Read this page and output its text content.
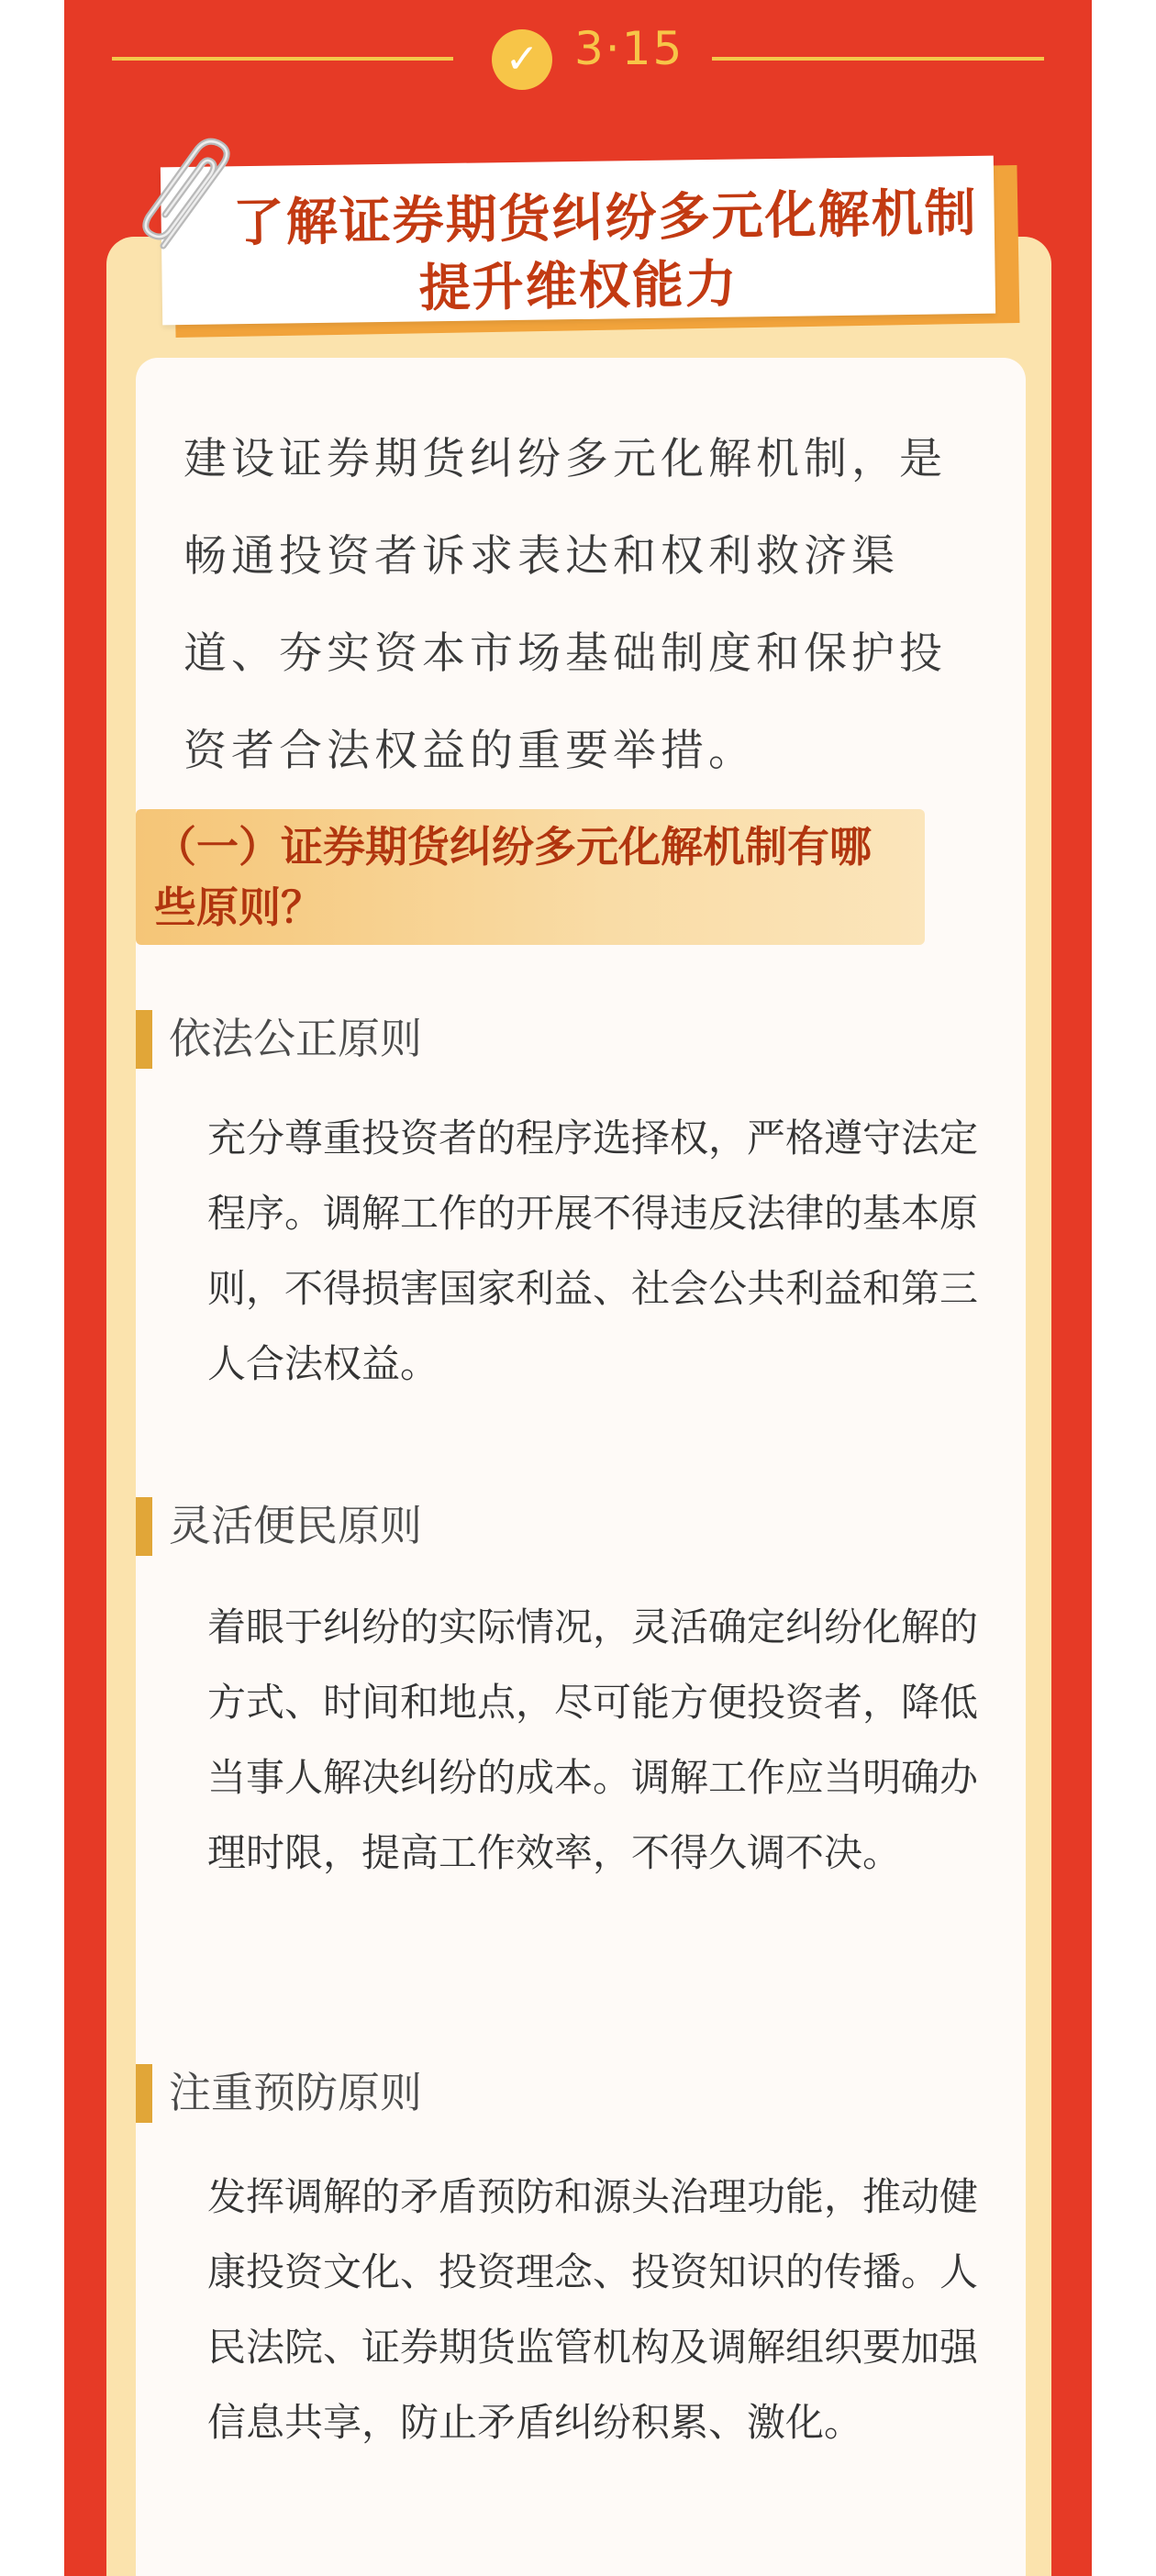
✓ 3·15
了解证券期货纠纷多元化解机制
提升维权能力
建设证券期货纠纷多元化解机制，是畅通投资者诉求表达和权利救济渠道、夯实资本市场基础制度和保护投资者合法权益的重要举措。
（一）证券期货纠纷多元化解机制有哪些原则？
依法公正原则
充分尊重投资者的程序选择权，严格遵守法定程序。调解工作的开展不得违反法律的基本原则，不得损害国家利益、社会公共利益和第三人合法权益。
灵活便民原则
着眼于纠纷的实际情况，灵活确定纠纷化解的方式、时间和地点，尽可能方便投资者，降低当事人解决纠纷的成本。调解工作应当明确办理时限，提高工作效率，不得久调不决。
注重预防原则
发挥调解的矛盾预防和源头治理功能，推动健康投资文化、投资理念、投资知识的传播。人民法院、证券期货监管机构及调解组织要加强信息共享，防止矛盾纠纷积累、激化。
